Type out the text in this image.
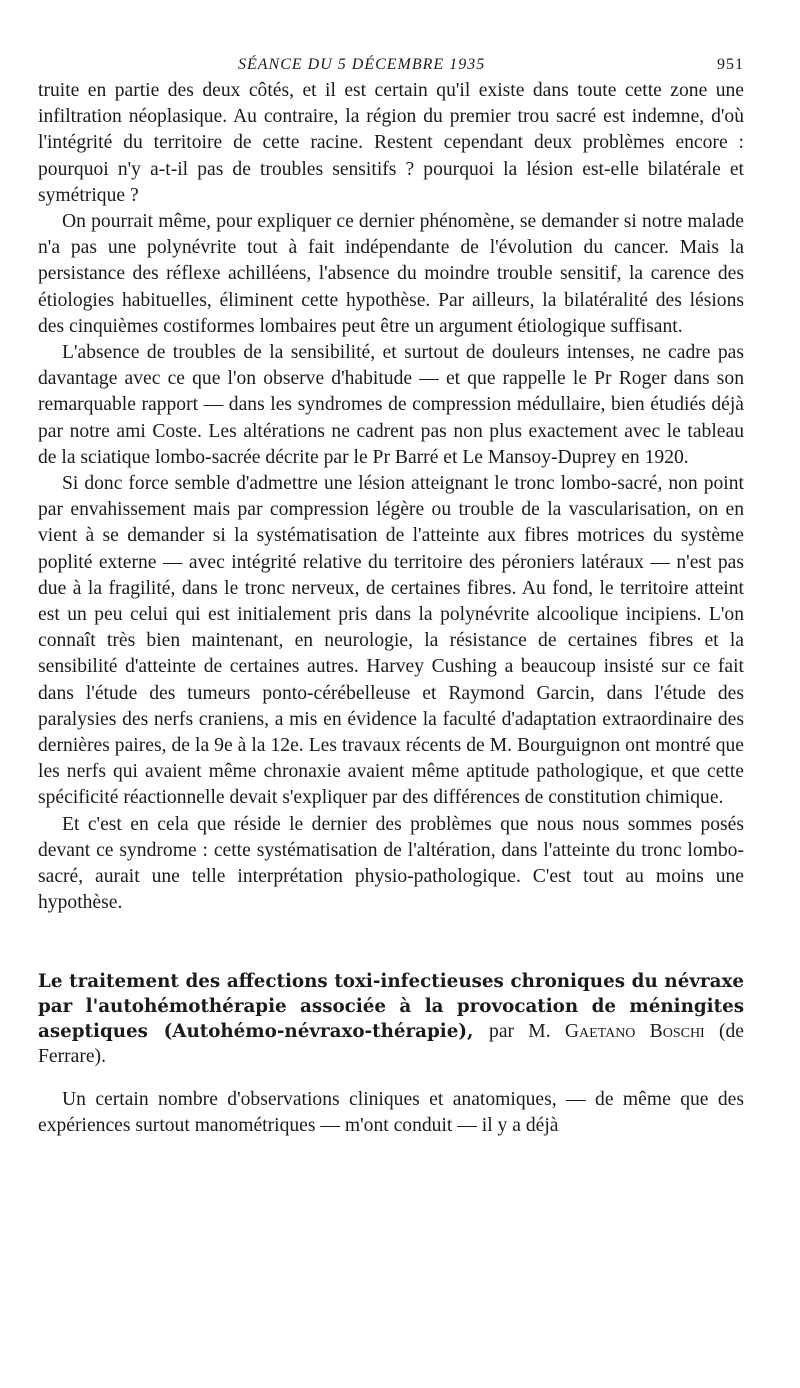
SÉANCE DU 5 DÉCEMBRE 1935	951

truite en partie des deux côtés, et il est certain qu'il existe dans toute cette zone une infiltration néoplasique. Au contraire, la région du premier trou sacré est indemne, d'où l'intégrité du territoire de cette racine. Restent cependant deux problèmes encore : pourquoi n'y a-t-il pas de troubles sensitifs ? pourquoi la lésion est-elle bilatérale et symétrique ?

On pourrait même, pour expliquer ce dernier phénomène, se demander si notre malade n'a pas une polynévrite tout à fait indépendante de l'évolution du cancer. Mais la persistance des réflexe achilléens, l'absence du moindre trouble sensitif, la carence des étiologies habituelles, éliminent cette hypothèse. Par ailleurs, la bilatéralité des lésions des cinquièmes costiformes lombaires peut être un argument étiologique suffisant.

L'absence de troubles de la sensibilité, et surtout de douleurs intenses, ne cadre pas davantage avec ce que l'on observe d'habitude — et que rappelle le Pr Roger dans son remarquable rapport — dans les syndromes de compression médullaire, bien étudiés déjà par notre ami Coste. Les altérations ne cadrent pas non plus exactement avec le tableau de la sciatique lombo-sacrée décrite par le Pr Barré et Le Mansoy-Duprey en 1920.

Si donc force semble d'admettre une lésion atteignant le tronc lombo-sacré, non point par envahissement mais par compression légère ou trouble de la vascularisation, on en vient à se demander si la systématisation de l'atteinte aux fibres motrices du système poplité externe — avec intégrité relative du territoire des péroniers latéraux — n'est pas due à la fragilité, dans le tronc nerveux, de certaines fibres. Au fond, le territoire atteint est un peu celui qui est initialement pris dans la polynévrite alcoolique incipiens. L'on connaît très bien maintenant, en neurologie, la résistance de certaines fibres et la sensibilité d'atteinte de certaines autres. Harvey Cushing a beaucoup insisté sur ce fait dans l'étude des tumeurs ponto-cérébelleuse et Raymond Garcin, dans l'étude des paralysies des nerfs craniens, a mis en évidence la faculté d'adaptation extraordinaire des dernières paires, de la 9e à la 12e. Les travaux récents de M. Bourguignon ont montré que les nerfs qui avaient même chronaxie avaient même aptitude pathologique, et que cette spécificité réactionnelle devait s'expliquer par des différences de constitution chimique.

Et c'est en cela que réside le dernier des problèmes que nous nous sommes posés devant ce syndrome : cette systématisation de l'altération, dans l'atteinte du tronc lombo-sacré, aurait une telle interprétation physio-pathologique. C'est tout au moins une hypothèse.

Le traitement des affections toxi-infectieuses chroniques du névraxe par l'autohémothérapie associée à la provocation de méningites aseptiques (Autohémo-névraxo-thérapie), par M. Gaetano Boschi (de Ferrare).

Un certain nombre d'observations cliniques et anatomiques, — de même que des expériences surtout manométriques — m'ont conduit — il y a déjà
